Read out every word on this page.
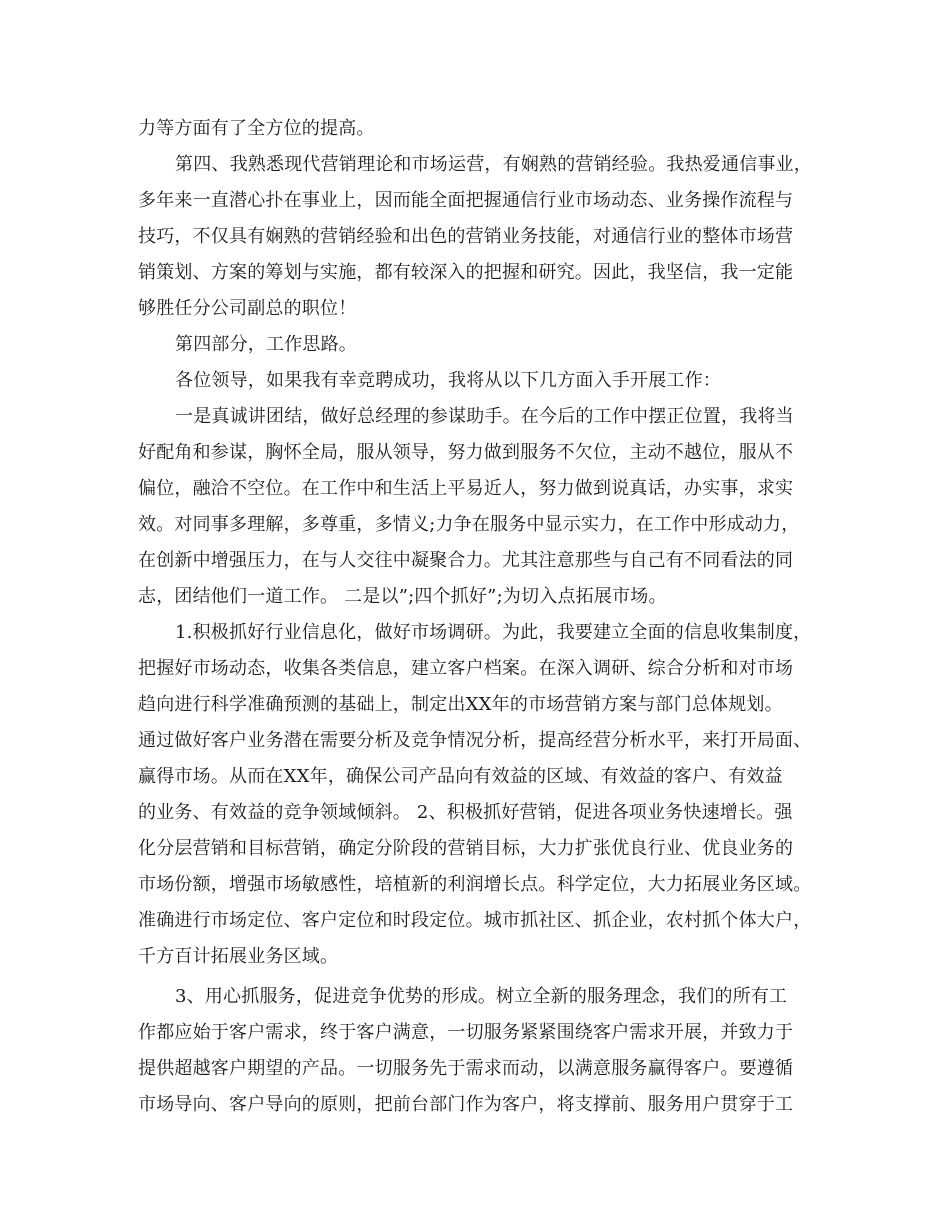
力等方面有了全方位的提高。
第四、我熟悉现代营销理论和市场运营，有娴熟的营销经验。我热爱通信事业，
多年来一直潜心扑在事业上，因而能全面把握通信行业市场动态、业务操作流程与
技巧，不仅具有娴熟的营销经验和出色的营销业务技能，对通信行业的整体市场营
销策划、方案的筹划与实施，都有较深入的把握和研究。因此，我坚信，我一定能
够胜任分公司副总的职位！
第四部分，工作思路。
各位领导，如果我有幸竞聘成功，我将从以下几方面入手开展工作：
一是真诚讲团结，做好总经理的参谋助手。在今后的工作中摆正位置，我将当
好配角和参谋，胸怀全局，服从领导，努力做到服务不欠位，主动不越位，服从不
偏位，融洽不空位。在工作中和生活上平易近人，努力做到说真话，办实事，求实
效。对同事多理解，多尊重，多情义;力争在服务中显示实力，在工作中形成动力，
在创新中增强压力，在与人交往中凝聚合力。尤其注意那些与自己有不同看法的同
志，团结他们一道工作。 二是以”;四个抓好”;为切入点拓展市场。
1.积极抓好行业信息化，做好市场调研。为此，我要建立全面的信息收集制度，
把握好市场动态，收集各类信息，建立客户档案。在深入调研、综合分析和对市场
趋向进行科学准确预测的基础上，制定出XX年的市场营销方案与部门总体规划。
通过做好客户业务潜在需要分析及竞争情况分析，提高经营分析水平，来打开局面、
赢得市场。从而在XX年，确保公司产品向有效益的区域、有效益的客户、有效益
的业务、有效益的竞争领域倾斜。 2、积极抓好营销，促进各项业务快速增长。强
化分层营销和目标营销，确定分阶段的营销目标，大力扩张优良行业、优良业务的
市场份额，增强市场敏感性，培植新的利润增长点。科学定位，大力拓展业务区域。
准确进行市场定位、客户定位和时段定位。城市抓社区、抓企业，农村抓个体大户，
千方百计拓展业务区域。
3、用心抓服务，促进竞争优势的形成。树立全新的服务理念，我们的所有工
作都应始于客户需求，终于客户满意，一切服务紧紧围绕客户需求开展，并致力于
提供超越客户期望的产品。一切服务先于需求而动，以满意服务赢得客户。要遵循
市场导向、客户导向的原则，把前台部门作为客户，将支撑前、服务用户贯穿于工
